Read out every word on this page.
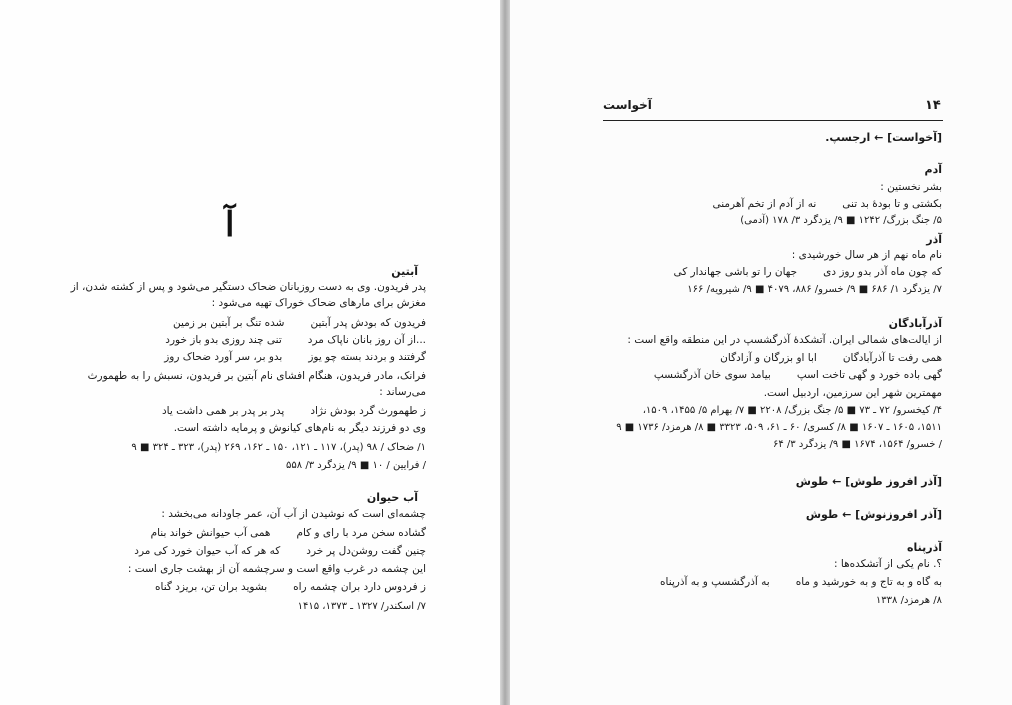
آ
آبتین
پدر فریدون. وی به دست روزبانان ضحاک دستگیر می‌شود و پس از کشته شدن، از
مغزش برای مارهای ضحاک خوراک تهیه می‌شود :
فریدون که بودش پدر آبتین
شده تنگ بر آبتین بر زمین
...از آن روز بانان ناپاک مرد
تنی چند روزی بدو باز خورد
گرفتند و بردند بسته چو یوز
بدو بر، سر آورد ضحاک روز
فرانک، مادر فریدون، هنگام افشای نام آبتین بر فریدون، نسبش را به طهمورث
می‌رساند :
ز طهمورث گرد بودش نژاد
پدر بر پدر بر همی داشت یاد
وی دو فرزند دیگر به نام‌های کیانوش و پرمایه داشته است.
۱/ ضحاک / ۹۸ (پدر)، ۱۱۷ ـ ۱۲۱، ۱۵۰ ـ ۱۶۲، ۲۶۹ (پدر)، ۳۲۳ ـ ۳۲۴ ■ ۹
/ فرایین / ۱۰ ■ ۹/ یزدگرد ۳/ ۵۵۸
آب حیوان
چشمه‌ای است که نوشیدن از آب آن، عمر جاودانه می‌بخشد :
گشاده سخن مرد با رای و کام
همی آب حیوانش خواند بنام
چنین گفت روشن‌دل پر خرد
که هر که آب حیوان خورد کی مرد
این چشمه در غرب واقع است و سرچشمه آن از بهشت جاری است :
ز فردوس دارد بران چشمه راه
بشوید بران تن، بریزد گناه
۷/ اسکندر/ ۱۳۲۷ ـ ۱۳۷۳، ۱۴۱۵
۱۴
آخواست
[آخواست] ← ارجسپ.
آدم
بشر نخستین :
بکشتی و تا بودهٔ بد تنی
نه از آدم از تخم آهرمنی
۵/ جنگ بزرگ/ ۱۲۴۲ ■ ۹/ یزدگرد ۳/ ۱۷۸ (آدمی)
آذر
نام ماه نهم از هر سال خورشیدی :
که چون ماه آذر بدو روز دی
جهان را تو باشی جهاندار کی
۷/ یزدگرد ۱/ ۶۸۶ ■ ۹/ خسرو/ ۸۸۶، ۴۰۷۹ ■ ۹/ شیرویه/ ۱۶۶
آذرآبادگان
از ایالت‌های شمالی ایران. آتشکدهٔ آذرگشسپ در این منطقه واقع است :
همی رفت تا آذرآبادگان
ابا او بزرگان و آزادگان
گهی باده خورد و گهی تاخت اسپ
بیامد سوی خان آذرگشسپ
مهمترین شهر این سرزمین، اردبیل است.
۴/ کیخسرو/ ۷۲ ـ ۷۳ ■ ۵/ جنگ بزرگ/ ۲۲۰۸ ■ ۷/ بهرام ۵/ ۱۴۵۵، ۱۵۰۹،
۱۵۱۱، ۱۶۰۵ ـ ۱۶۰۷ ■ ۸/ کسری/ ۶۰ ـ ۶۱، ۵۰۹، ۳۳۲۳ ■ ۸/ هرمزد/ ۱۷۳۶ ■ ۹
/ خسرو/ ۱۵۶۴، ۱۶۷۴ ■ ۹/ یزدگرد ۳/ ۶۴
[آذر افروز طوش] ← طوش
[آذر افروزنوش] ← طوش
آذرپناه
؟. نام یکی از آتشکده‌ها :
به گاه و به تاج و به خورشید و ماه
به آذرگشسپ و به آذرپناه
۸/ هرمزد/ ۱۳۳۸
